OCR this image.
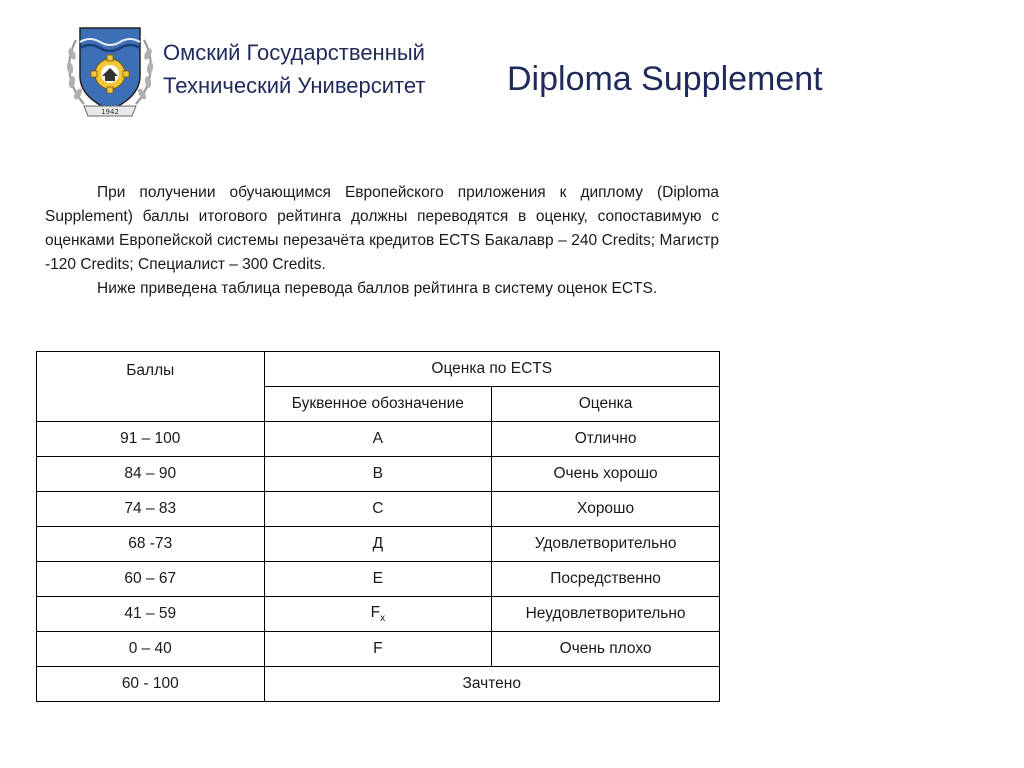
1942
Омский Государственный
Технический Университет Diploma Supplement

При получении обучающимся Европейского приложения к диплому (Diploma Supplement) баллы итогового рейтинга должны переводятся в оценку, сопоставимую с оценками Европейской системы перезачёта кредитов ECTS Бакалавр – 240 Credits; Магистр -120 Credits; Специалист – 300 Credits.

Ниже приведена таблица перевода баллов рейтинга в систему оценок ECTS.

Баллы	Оценка по ECTS	
	Буквенное обозначение	Оценка
91 – 100	A	Отлично
84 – 90	B	Очень хорошо
74 – 83	C	Хорошо
68 -73	Д	Удовлетворительно
60 – 67	E	Посредственно
41 – 59	$F_x$	Неудовлетворительно
0 – 40	F	Очень плохо
60 - 100	Зачтено	
